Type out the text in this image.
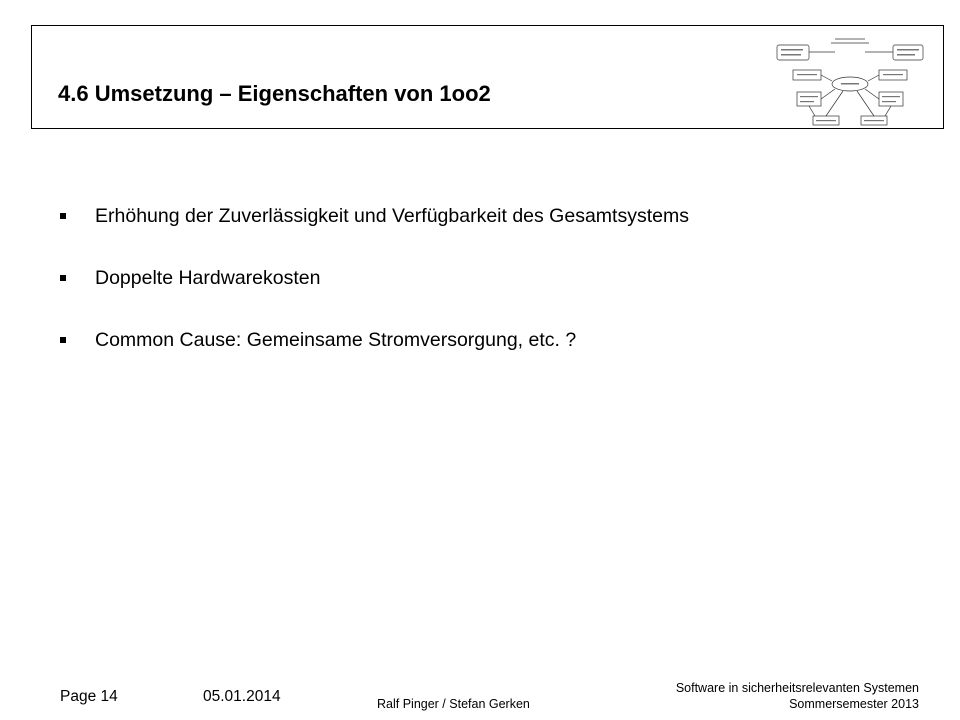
4.6 Umsetzung – Eigenschaften von 1oo2
Erhöhung der Zuverlässigkeit und Verfügbarkeit des Gesamtsystems
Doppelte Hardwarekosten
Common Cause: Gemeinsame Stromversorgung, etc. ?
Page 14	05.01.2014	Ralf Pinger / Stefan Gerken
Software in sicherheitsrelevanten Systemen
Sommersemester 2013
